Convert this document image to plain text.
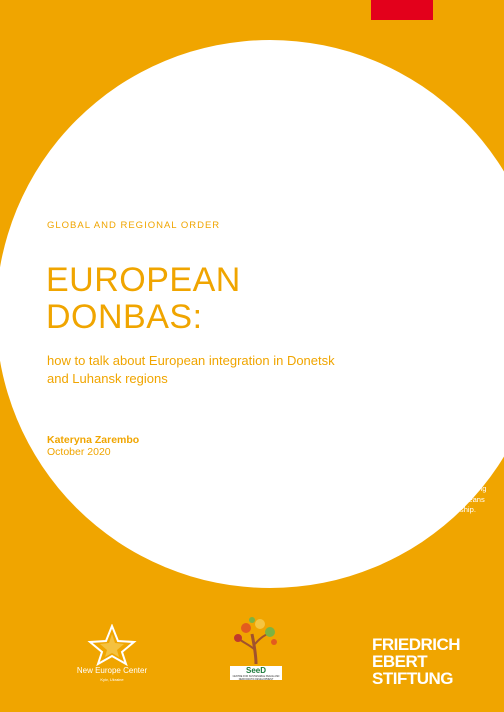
GLOBAL AND REGIONAL ORDER
EUROPEAN
DONBAS:
how to talk about European integration in Donetsk and Luhansk regions
Kateryna Zarembo
October 2020
Given that unemployment is the biggest concern for the vast majority of residents in Donetsk and Luhansk regions, creating new jobs with EU assistance (and declaring this assistance) would be the best promotion of European integration.
New non-governmental organizations and movements that are engaged in civic education and promotion of good governance in the East could be the best promoters of European integration in the Donbas – also because people in Donbas have a higher trust in political information if they receive it from local residents.
When communicating European integration, it is worth emphasizing the reforms and changes it means rather than formal membership.
New Europe Center
Kyiv, Ukraine
SeeD
CENTRE FOR SUSTAINABLE PEACE AND DEMOCRATIC DEVELOPMENT
FRIEDRICH
EBERT
STIFTUNG
